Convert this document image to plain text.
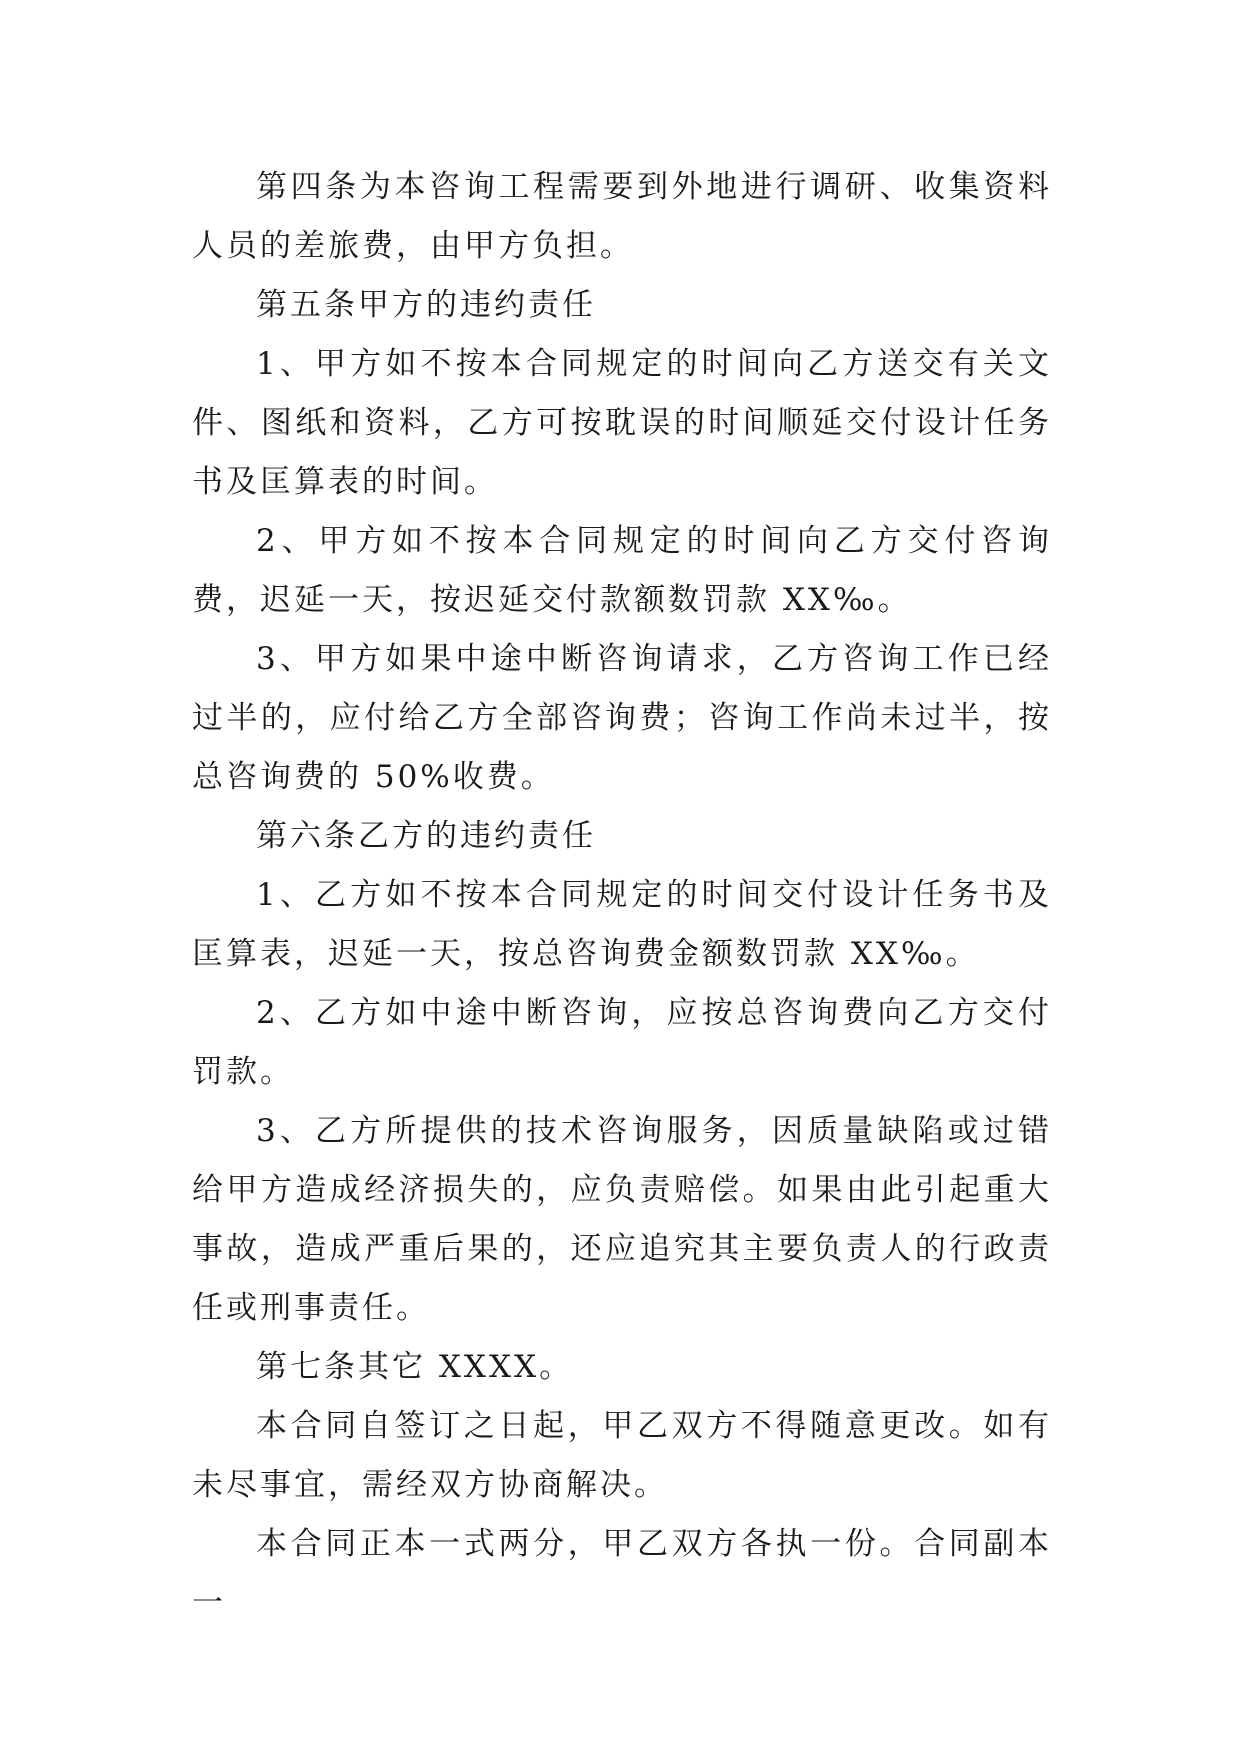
第四条为本咨询工程需要到外地进行调研、收集资料人员的差旅费，由甲方负担。

第五条甲方的违约责任

1、甲方如不按本合同规定的时间向乙方送交有关文件、图纸和资料，乙方可按耽误的时间顺延交付设计任务书及匡算表的时间。

2、甲方如不按本合同规定的时间向乙方交付咨询费，迟延一天，按迟延交付款额数罚款 XX‰。

3、甲方如果中途中断咨询请求，乙方咨询工作已经过半的，应付给乙方全部咨询费；咨询工作尚未过半，按总咨询费的 50%收费。

第六条乙方的违约责任

1、乙方如不按本合同规定的时间交付设计任务书及匡算表，迟延一天，按总咨询费金额数罚款 XX‰。

2、乙方如中途中断咨询，应按总咨询费向乙方交付罚款。

3、乙方所提供的技术咨询服务，因质量缺陷或过错给甲方造成经济损失的，应负责赔偿。如果由此引起重大事故，造成严重后果的，还应追究其主要负责人的行政责任或刑事责任。

第七条其它 XXXX。

本合同自签订之日起，甲乙双方不得随意更改。如有未尽事宜，需经双方协商解决。

本合同正本一式两分，甲乙双方各执一份。合同副本一
